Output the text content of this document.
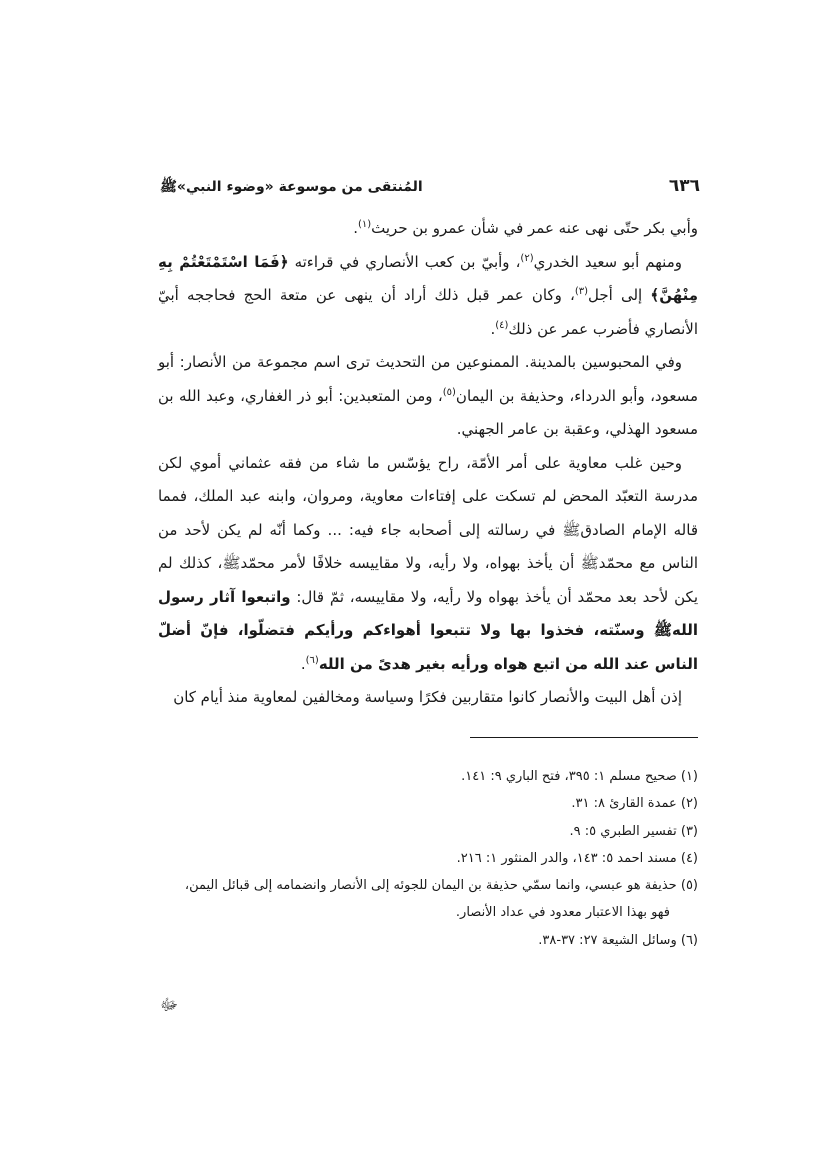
٦٣٦
المُنتقى من موسوعة «وضوء النبي»ﷺ

وأبي بكر حتّى نهى عنه عمر في شأن عمرو بن حريث$^{(١)}$.

ومنهم أبو سعيد الخدري$^{(٢)}$، وأبيّ بن كعب الأنصاري في قراءته ﴿فَمَا اسْتَمْتَعْتُمْ بِهِ مِنْهُنَّ﴾ إلى أجل$^{(٣)}$، وكان عمر قبل ذلك أراد أن ينهى عن متعة الحج فحاججه أبيّ الأنصاري فأضرب عمر عن ذلك$^{(٤)}$.

وفي المحبوسين بالمدينة. الممنوعين من التحديث ترى اسم مجموعة من الأنصار: أبو مسعود، وأبو الدرداء، وحذيفة بن اليمان$^{(٥)}$، ومن المتعبدين: أبو ذر الغفاري، وعبد الله بن مسعود الهذلي، وعقبة بن عامر الجهني.

وحين غلب معاوية على أمر الأمّة، راح يؤسّس ما شاء من فقه عثماني أموي لكن مدرسة التعبّد المحض لم تسكت على إفتاءات معاوية، ومروان، وابنه عبد الملك، فمما قاله الإمام الصادقﷺ في رسالته إلى أصحابه جاء فيه: ... وكما أنّه لم يكن لأحد من الناس مع محمّدﷺ أن يأخذ بهواه، ولا رأيه، ولا مقاييسه خلافًا لأمر محمّدﷺ، كذلك لم يكن لأحد بعد محمّد أن يأخذ بهواه ولا رأيه، ولا مقاييسه، ثمّ قال: واتبعوا آثار رسول اللهﷺ وسنّته، فخذوا بها ولا تتبعوا أهواءكم ورأيكم فتضلّوا، فإنّ أضلّ الناس عند الله من اتبع هواه ورأيه بغير هدىً من الله$^{(٦)}$.

إذن أهل البيت والأنصار كانوا متقاربين فكرًا وسياسة ومخالفين لمعاوية منذ أيام كان

(١) صحيح مسلم ١: ٣٩٥، فتح الباري ٩: ١٤١.
(٢) عمدة القارئ ٨: ٣١.
(٣) تفسير الطبري ٥: ٩.
(٤) مسند احمد ٥: ١٤٣، والدر المنثور ١: ٢١٦.
(٥) حذيفة هو عبسي، وانما سمّي حذيفة بن اليمان للجوئه إلى الأنصار وانضمامه إلى قبائل اليمن،
فهو بهذا الاعتبار معدود في عداد الأنصار.
(٦) وسائل الشيعة ٢٧: ٣٧-٣٨.
ﷻ
